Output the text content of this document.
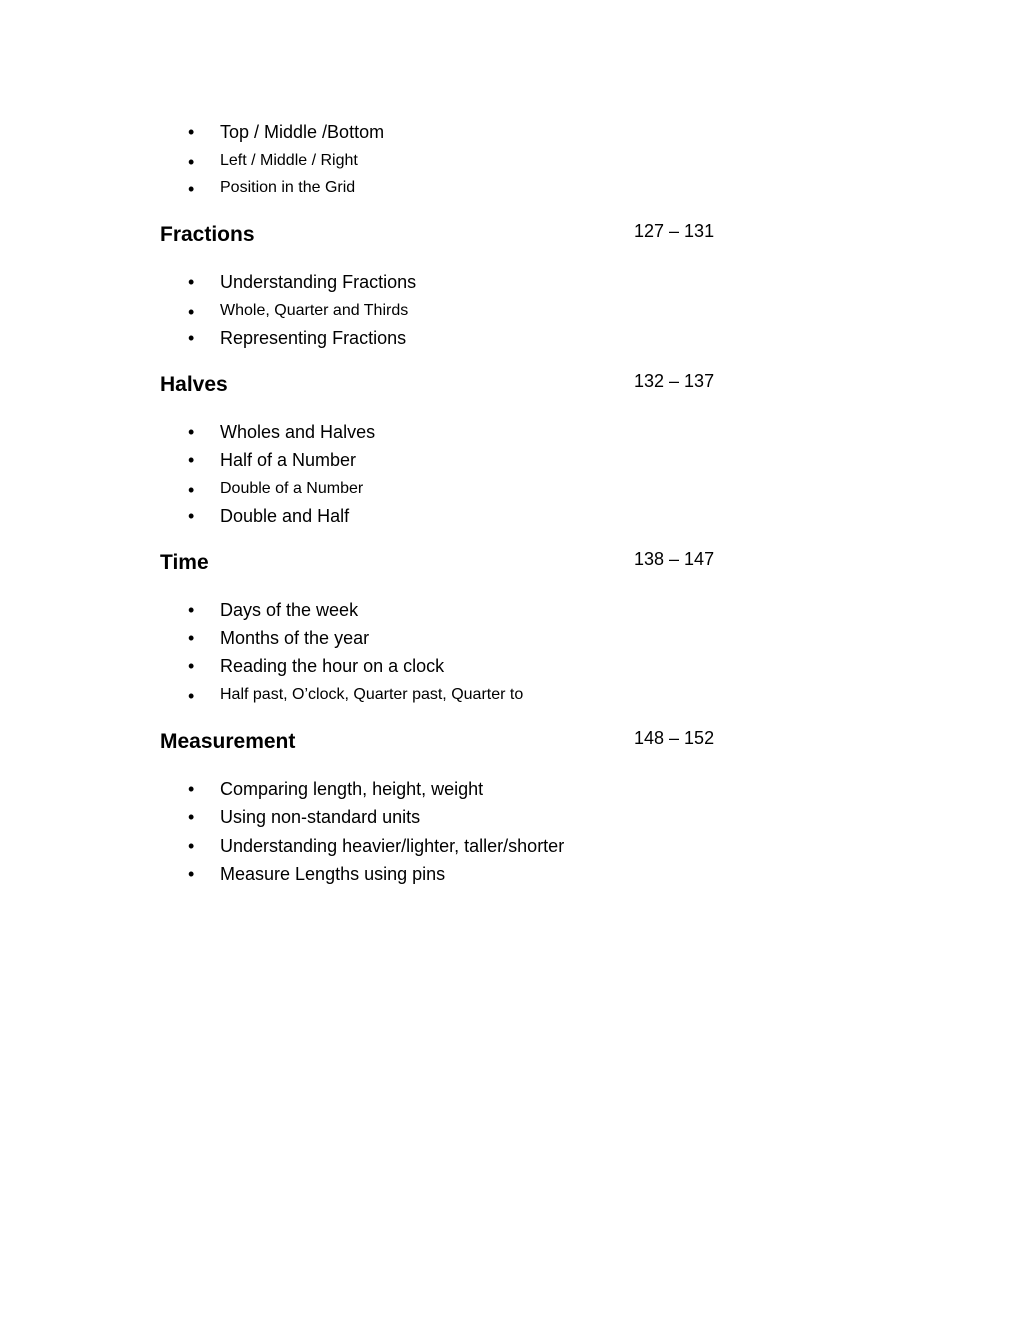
• Top / Middle /Bottom
• Left / Middle / Right
• Position in the Grid
Fractions	127 – 131
• Understanding Fractions
• Whole, Quarter and Thirds
• Representing Fractions
Halves	132 – 137
• Wholes and Halves
• Half of a Number
• Double of a Number
• Double and Half
Time	138 – 147
• Days of the week
• Months of the year
• Reading the hour on a clock
• Half past, O’clock, Quarter past, Quarter to
Measurement	148 – 152
• Comparing length, height, weight
• Using non-standard units
• Understanding heavier/lighter, taller/shorter
• Measure Lengths using pins
